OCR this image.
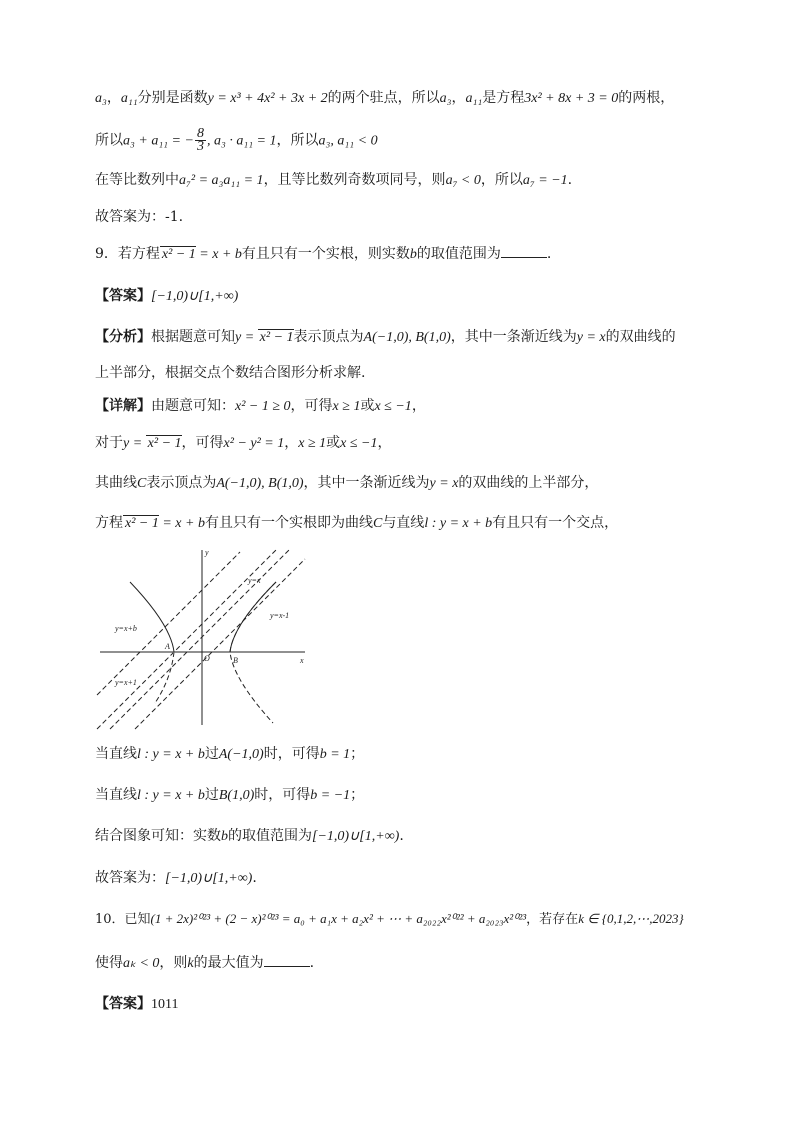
a₃，a₁₁分别是函数y = x³ + 4x² + 3x + 2的两个驻点，所以a₃，a₁₁是方程3x² + 8x + 3 = 0的两根，
所以a₃ + a₁₁ = − $\frac{8}{3}$ , a₃ · a₁₁ = 1，所以a₃, a₁₁ < 0
在等比数列中a₇² = a₃a₁₁ = 1，且等比数列奇数项同号，则a₇ < 0，所以a₇ = −1.
故答案为：-1.
9．若方程 x² − 1 = x + b有且只有一个实根，则实数b的取值范围为	.
【答案】[−1,0)∪[1,+∞)
【分析】根据题意可知y = x² − 1表示顶点为A(−1,0), B(1,0)，其中一条渐近线为y = x的双曲线的
上半部分，根据交点个数结合图形分析求解.
【详解】由题意可知：x² − 1 ≥ 0，可得x ≥ 1或x ≤ −1，
对于y = x² − 1，可得x² − y² = 1，x ≥ 1或x ≤ −1，
其曲线C表示顶点为A(−1,0), B(1,0)，其中一条渐近线为y = x的双曲线的上半部分，
方程 x² − 1 = x + b有且只有一个实根即为曲线C与直线l : y = x + b有且只有一个交点，
y
x
O
A
B
y=x
y=x-1
y=x+b
y=x+1
当直线l : y = x + b过A(−1,0)时，可得b = 1；
当直线l : y = x + b过B(1,0)时，可得b = −1；
结合图象可知：实数b的取值范围为[−1,0)∪[1,+∞).
故答案为：[−1,0)∪[1,+∞).
10．已知(1 + 2x)²⁰²³ + (2 − x)²⁰²³ = a₀ + a₁x + a₂x² + ⋯ + a₂₀₂₂x²⁰²² + a₂₀₂₃x²⁰²³，若存在k ∈ {0,1,2,⋯,2023}
使得aₖ < 0，则k的最大值为	.
【答案】1011
